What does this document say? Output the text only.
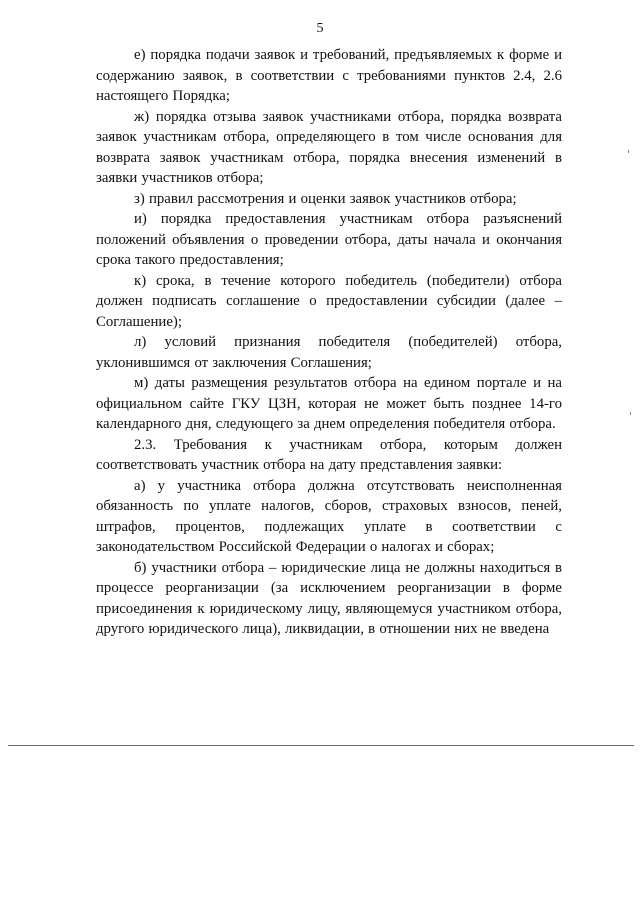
5

е) порядка подачи заявок и требований, предъявляемых к форме и содержанию заявок, в соответствии с требованиями пунктов 2.4, 2.6 настоящего Порядка;

ж) порядка отзыва заявок участниками отбора, порядка возврата заявок участникам отбора, определяющего в том числе основания для возврата заявок участникам отбора, порядка внесения изменений в заявки участников отбора;

з) правил рассмотрения и оценки заявок участников отбора;

и) порядка предоставления участникам отбора разъяснений положений объявления о проведении отбора, даты начала и окончания срока такого предоставления;

к) срока, в течение которого победитель (победители) отбора должен подписать соглашение о предоставлении субсидии (далее – Соглашение);

л) условий признания победителя (победителей) отбора, уклонившимся от заключения Соглашения;

м) даты размещения результатов отбора на едином портале и на официальном сайте ГКУ ЦЗН, которая не может быть позднее 14-го календарного дня, следующего за днем определения победителя отбора.

2.3. Требования к участникам отбора, которым должен соответствовать участник отбора на дату представления заявки:

а) у участника отбора должна отсутствовать неисполненная обязанность по уплате налогов, сборов, страховых взносов, пеней, штрафов, процентов, подлежащих уплате в соответствии с законодательством Российской Федерации о налогах и сборах;

б) участники отбора – юридические лица не должны находиться в процессе реорганизации (за исключением реорганизации в форме присоединения к юридическому лицу, являющемуся участником отбора, другого юридического лица), ликвидации, в отношении них не введена
